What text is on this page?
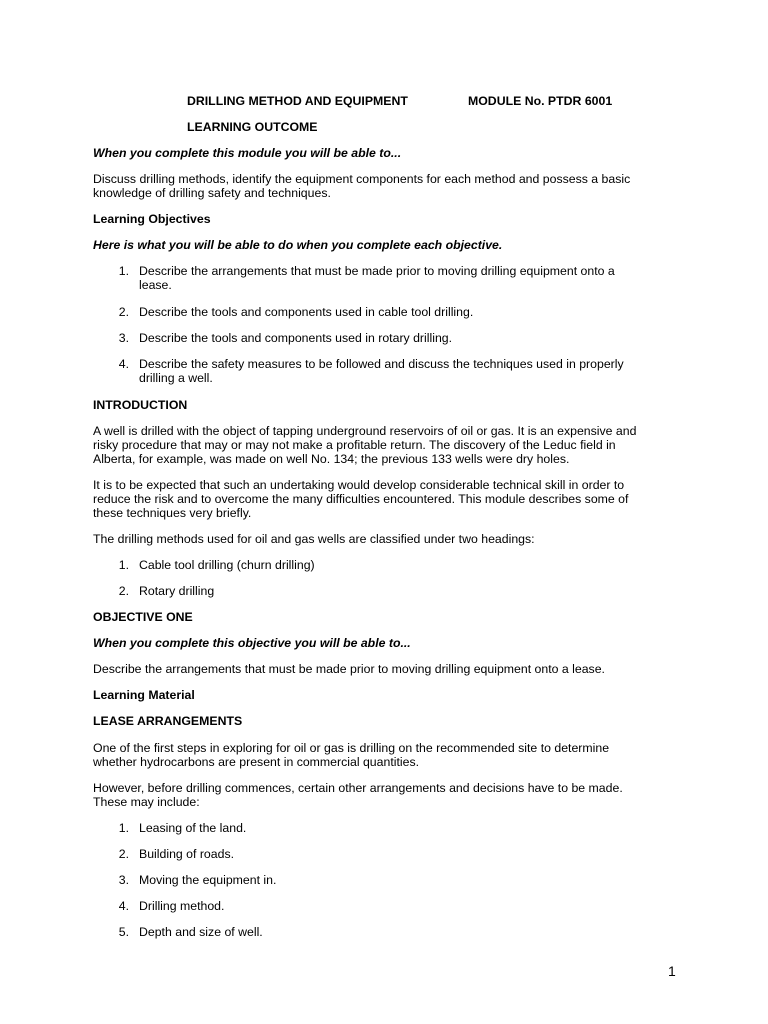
DRILLING METHOD AND EQUIPMENT	MODULE No. PTDR 6001
LEARNING OUTCOME
When you complete this module you will be able to...
Discuss drilling methods, identify the equipment components for each method and possess a basic
knowledge of drilling safety and techniques.
Learning Objectives
Here is what you will be able to do when you complete each objective.
1. Describe the arrangements that must be made prior to moving drilling equipment onto a
lease.
2. Describe the tools and components used in cable tool drilling.
3. Describe the tools and components used in rotary drilling.
4. Describe the safety measures to be followed and discuss the techniques used in properly
drilling a well.
INTRODUCTION
A well is drilled with the object of tapping underground reservoirs of oil or gas. It is an expensive and
risky procedure that may or may not make a profitable return. The discovery of the Leduc field in
Alberta, for example, was made on well No. 134; the previous 133 wells were dry holes.
It is to be expected that such an undertaking would develop considerable technical skill in order to
reduce the risk and to overcome the many difficulties encountered. This module describes some of
these techniques very briefly.
The drilling methods used for oil and gas wells are classified under two headings:
1. Cable tool drilling (churn drilling)
2. Rotary drilling
OBJECTIVE ONE
When you complete this objective you will be able to...
Describe the arrangements that must be made prior to moving drilling equipment onto a lease.
Learning Material
LEASE ARRANGEMENTS
One of the first steps in exploring for oil or gas is drilling on the recommended site to determine
whether hydrocarbons are present in commercial quantities.
However, before drilling commences, certain other arrangements and decisions have to be made.
These may include:
1. Leasing of the land.
2. Building of roads.
3. Moving the equipment in.
4. Drilling method.
5. Depth and size of well.
1
